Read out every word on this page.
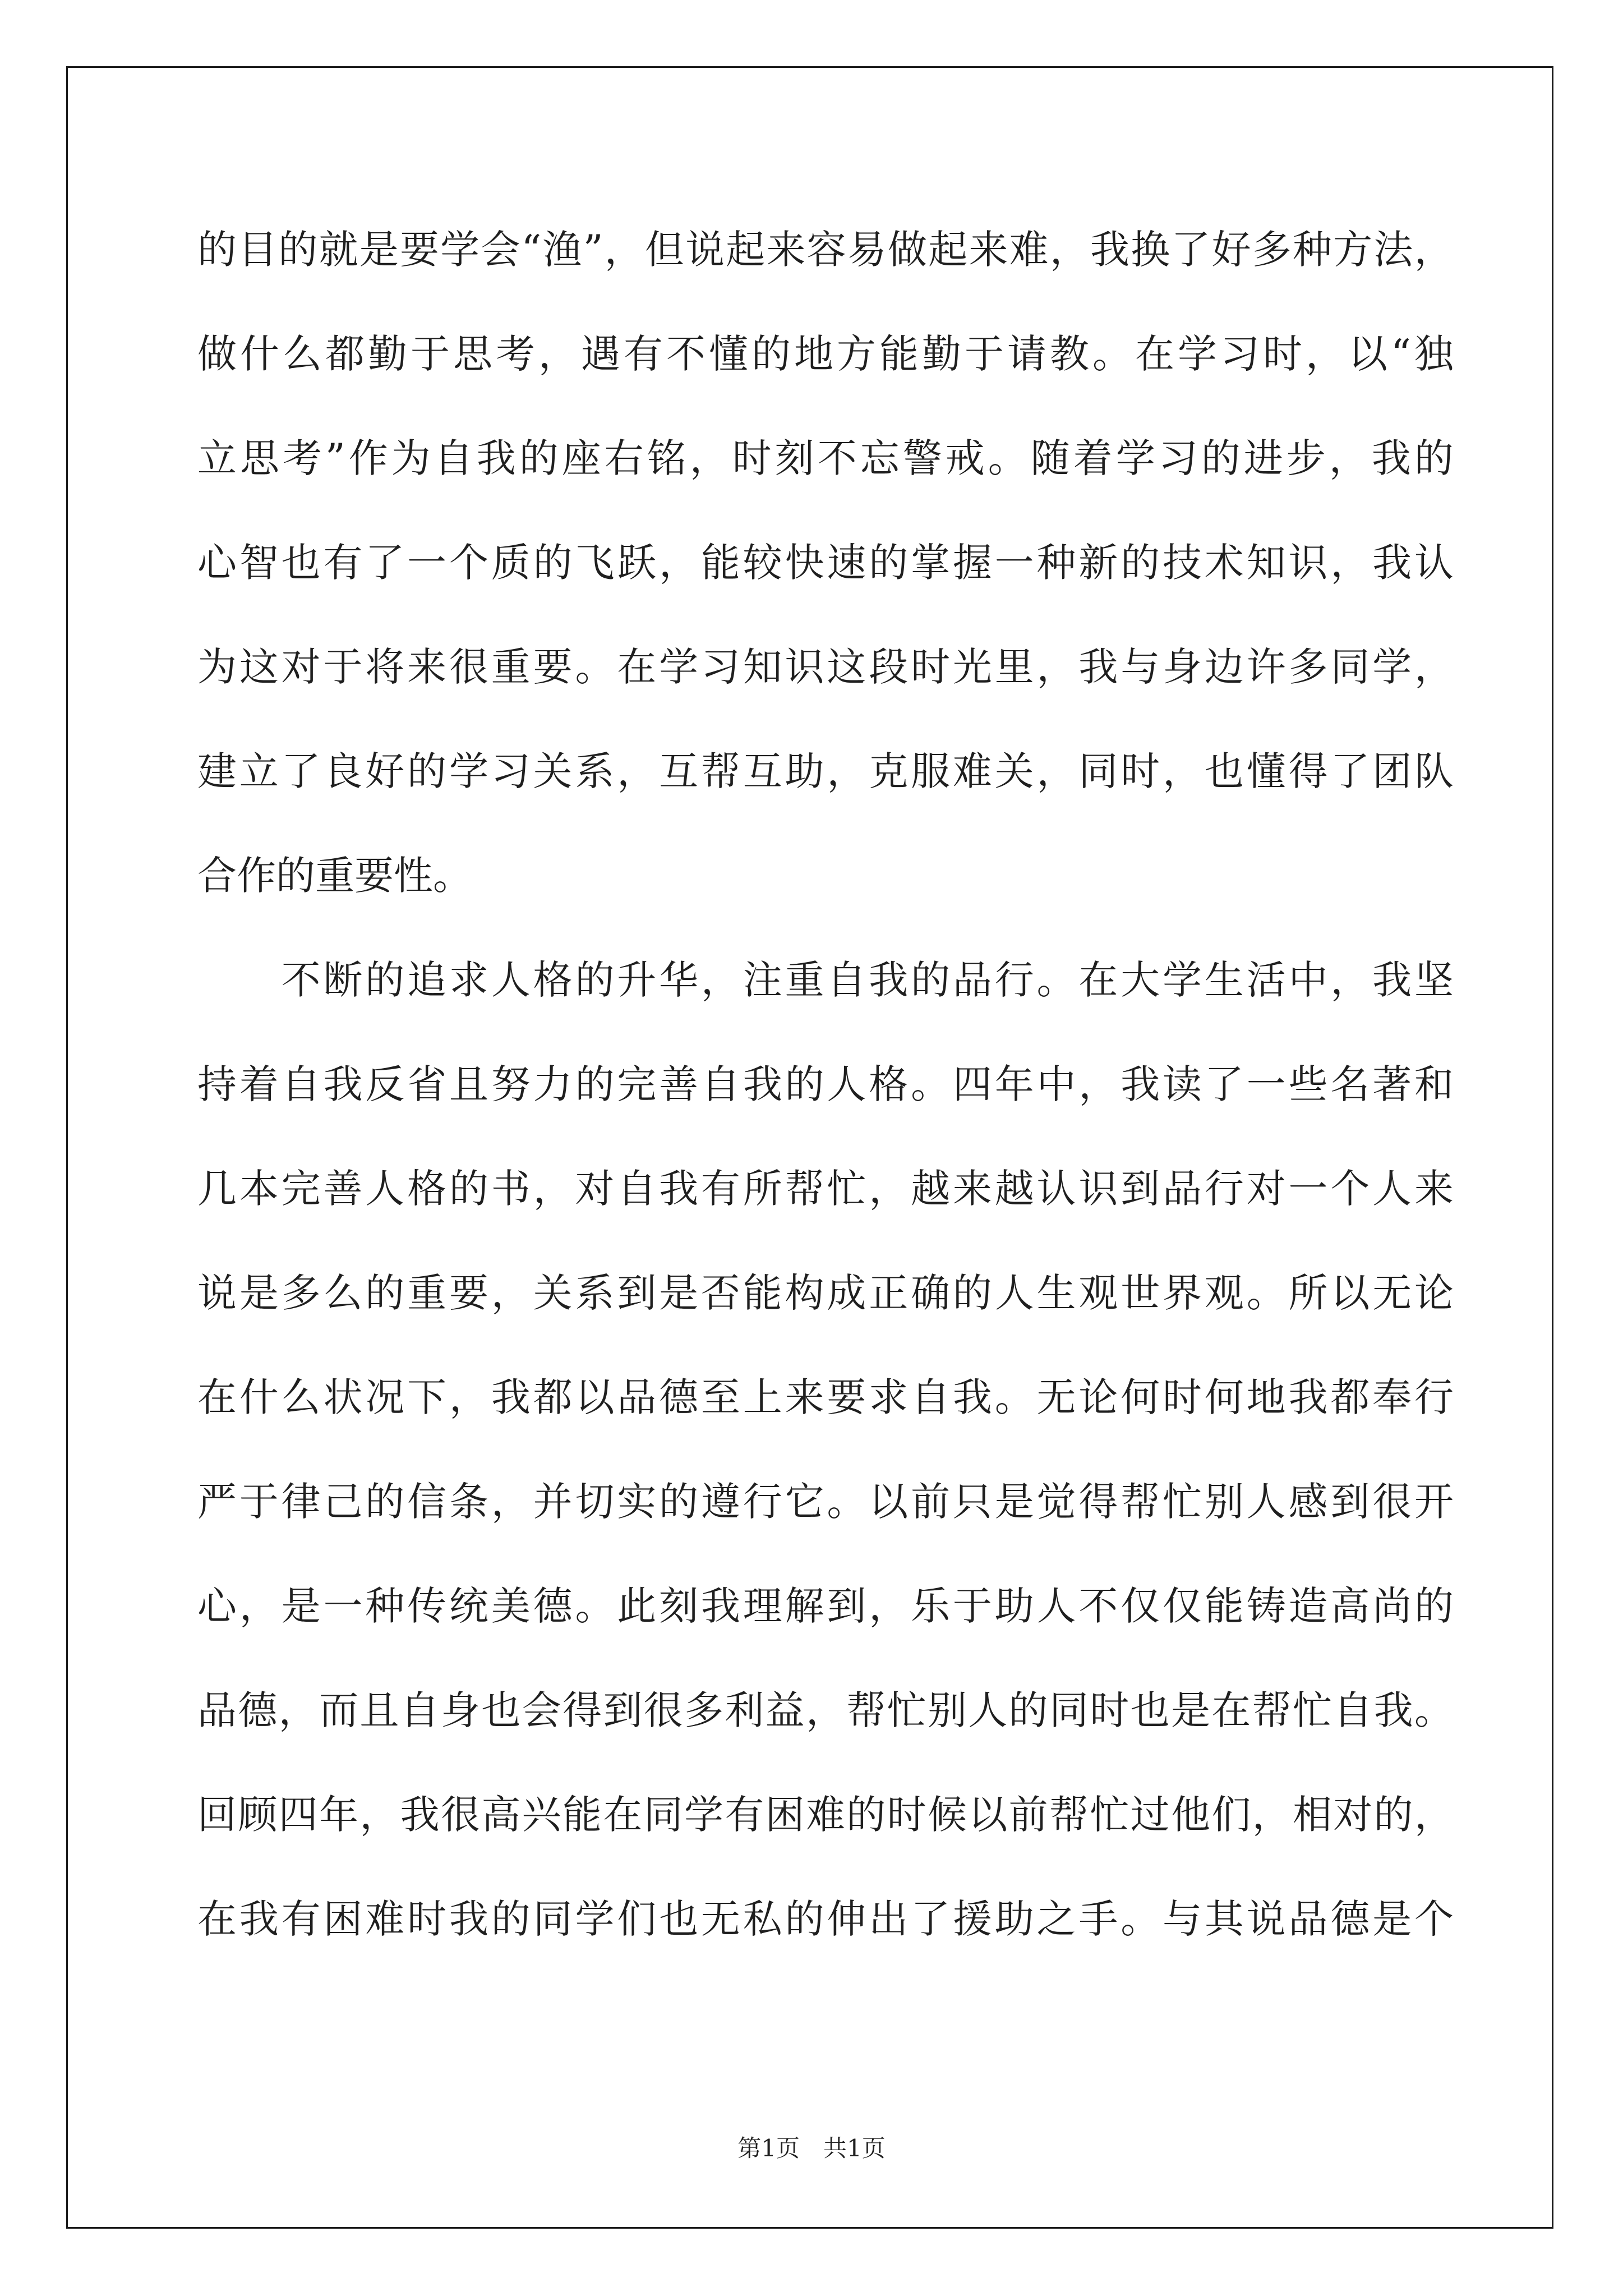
的目的就是要学会“渔”，但说起来容易做起来难，我换了好多种方法，
做什么都勤于思考，遇有不懂的地方能勤于请教。在学习时，以“独
立思考”作为自我的座右铭，时刻不忘警戒。随着学习的进步，我的
心智也有了一个质的飞跃，能较快速的掌握一种新的技术知识，我认
为这对于将来很重要。在学习知识这段时光里，我与身边许多同学，
建立了良好的学习关系，互帮互助，克服难关，同时，也懂得了团队
合作的重要性。
　　不断的追求人格的升华，注重自我的品行。在大学生活中，我坚
持着自我反省且努力的完善自我的人格。四年中，我读了一些名著和
几本完善人格的书，对自我有所帮忙，越来越认识到品行对一个人来
说是多么的重要，关系到是否能构成正确的人生观世界观。所以无论
在什么状况下，我都以品德至上来要求自我。无论何时何地我都奉行
严于律己的信条，并切实的遵行它。以前只是觉得帮忙别人感到很开
心，是一种传统美德。此刻我理解到，乐于助人不仅仅能铸造高尚的
品德，而且自身也会得到很多利益，帮忙别人的同时也是在帮忙自我。
回顾四年，我很高兴能在同学有困难的时候以前帮忙过他们，相对的，
在我有困难时我的同学们也无私的伸出了援助之手。与其说品德是个
第1页　共1页
